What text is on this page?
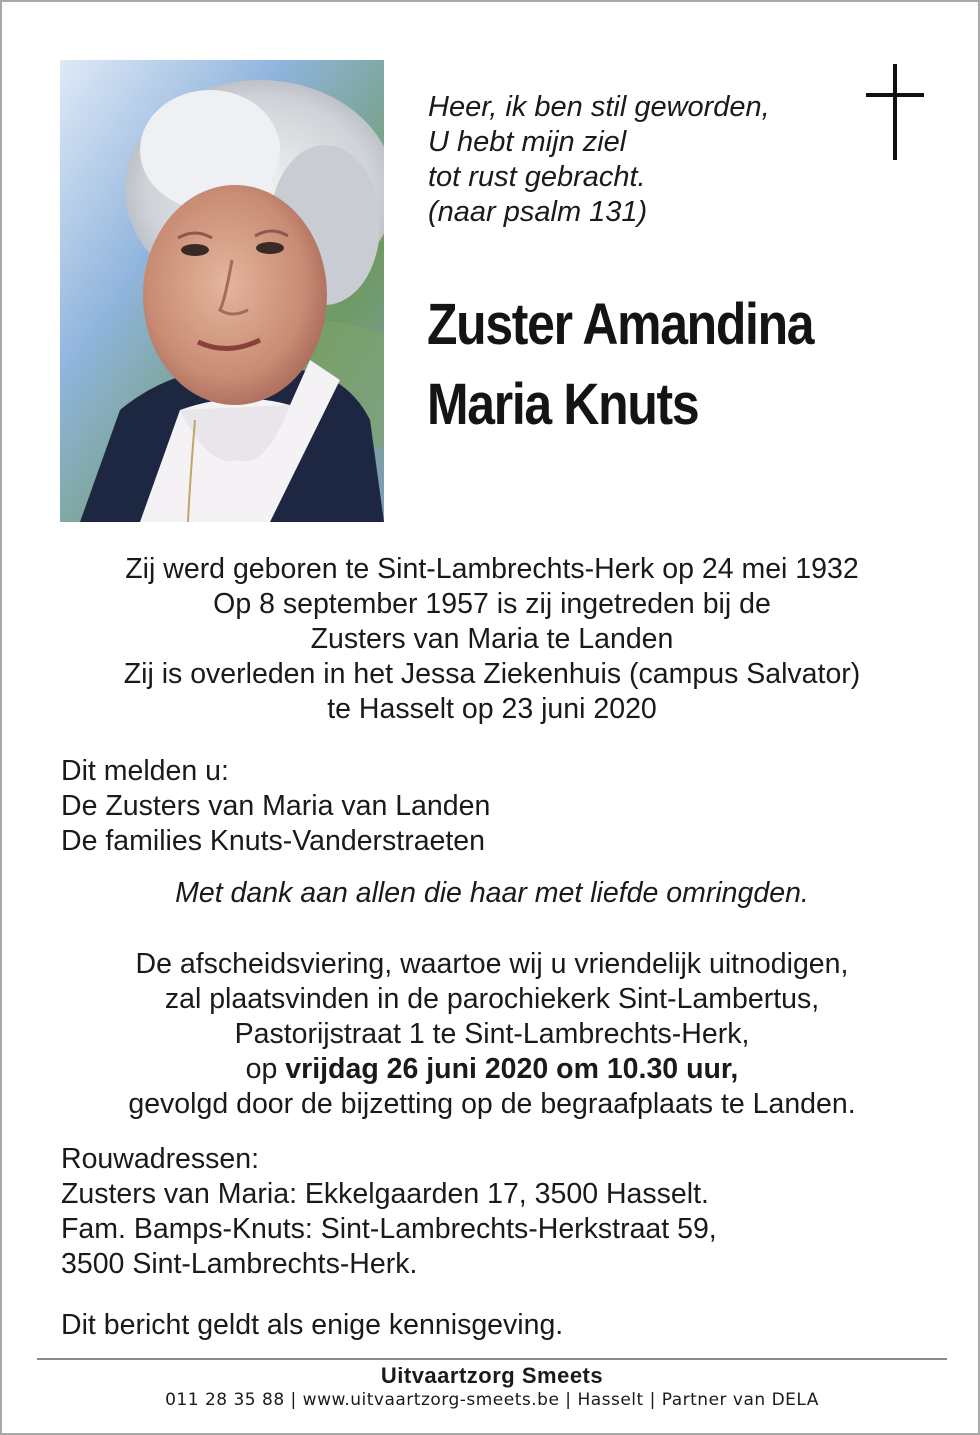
Heer, ik ben stil geworden,
U hebt mijn ziel
tot rust gebracht.
(naar psalm 131)
Zuster Amandina
Maria Knuts
Zij werd geboren te Sint-Lambrechts-Herk op 24 mei 1932
Op 8 september 1957 is zij ingetreden bij de
Zusters van Maria te Landen
Zij is overleden in het Jessa Ziekenhuis (campus Salvator)
te Hasselt op 23 juni 2020
Dit melden u:
De Zusters van Maria van Landen
De families Knuts-Vanderstraeten
Met dank aan allen die haar met liefde omringden.
De afscheidsviering, waartoe wij u vriendelijk uitnodigen,
zal plaatsvinden in de parochiekerk Sint-Lambertus,
Pastorijstraat 1 te Sint-Lambrechts-Herk,
op vrijdag 26 juni 2020 om 10.30 uur,
gevolgd door de bijzetting op de begraafplaats te Landen.
Rouwadressen:
Zusters van Maria: Ekkelgaarden 17, 3500 Hasselt.
Fam. Bamps-Knuts: Sint-Lambrechts-Herkstraat 59,
3500 Sint-Lambrechts-Herk.
Dit bericht geldt als enige kennisgeving.
Uitvaartzorg Smeets
011 28 35 88 | www.uitvaartzorg-smeets.be | Hasselt | Partner van DELA
